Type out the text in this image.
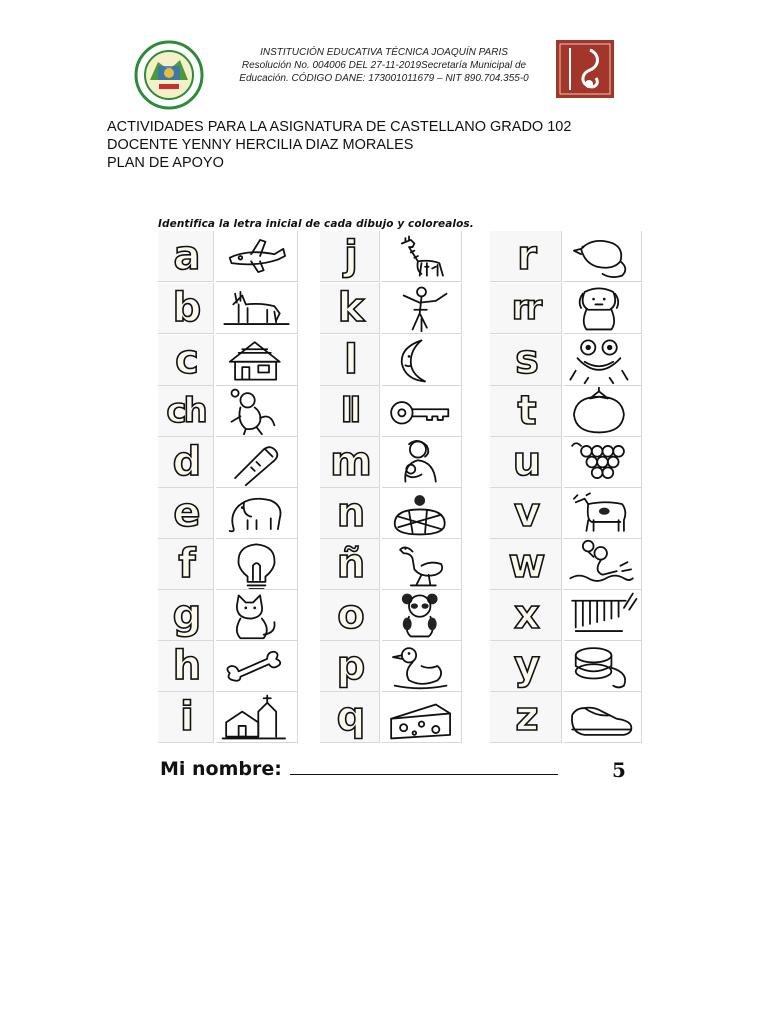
INSTITUCIÓN EDUCATIVA TÉCNICA JOAQUÍN PARIS
Resolución No. 004006 DEL 27-11-2019Secretaría Municipal de
Educación. CÓDIGO DANE: 173001011679 – NIT 890.704.355-0
ACTIVIDADES PARA LA ASIGNATURA DE CASTELLANO GRADO 102
DOCENTE YENNY HERCILIA DIAZ MORALES
PLAN DE APOYO
Identifica la letra inicial de cada dibujo y colorealos.
a
b
c
ch
d
e
f
g
h
i
j
k
l
ll
m
n
ñ
o
p
q
r
rr
s
t
u
v
w
x
y
z
Mi nombre:	5
